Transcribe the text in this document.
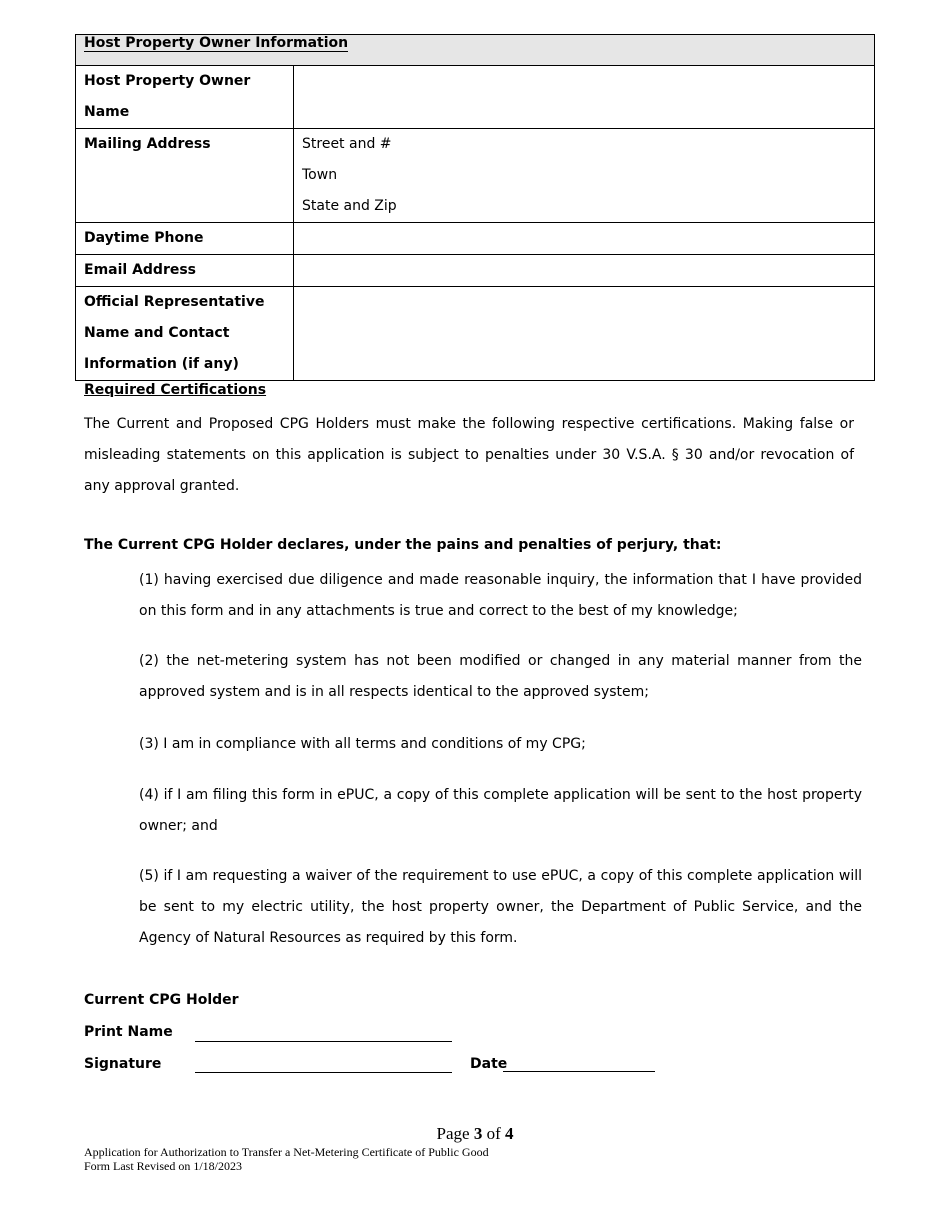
Host Property Owner Information	
Host Property Owner Name	

Mailing Address	Street and #
Town
State and Zip

Daytime Phone	
Email Address	

Official Representative
Name and Contact
Information (if any)	

Required Certifications
The Current and Proposed CPG Holders must make the following respective certifications. Making false or misleading statements on this application is subject to penalties under 30 V.S.A. § 30 and/or revocation of any approval granted.
The Current CPG Holder declares, under the pains and penalties of perjury, that:
(1) having exercised due diligence and made reasonable inquiry, the information that I have provided on this form and in any attachments is true and correct to the best of my knowledge;
(2) the net-metering system has not been modified or changed in any material manner from the approved system and is in all respects identical to the approved system;
(3) I am in compliance with all terms and conditions of my CPG;
(4) if I am filing this form in ePUC, a copy of this complete application will be sent to the host property owner; and
(5) if I am requesting a waiver of the requirement to use ePUC, a copy of this complete application will be sent to my electric utility, the host property owner, the Department of Public Service, and the Agency of Natural Resources as required by this form.
Current CPG Holder
Print Name
Signature	Date
Page 3 of 4
Application for Authorization to Transfer a Net-Metering Certificate of Public Good
Form Last Revised on 1/18/2023
